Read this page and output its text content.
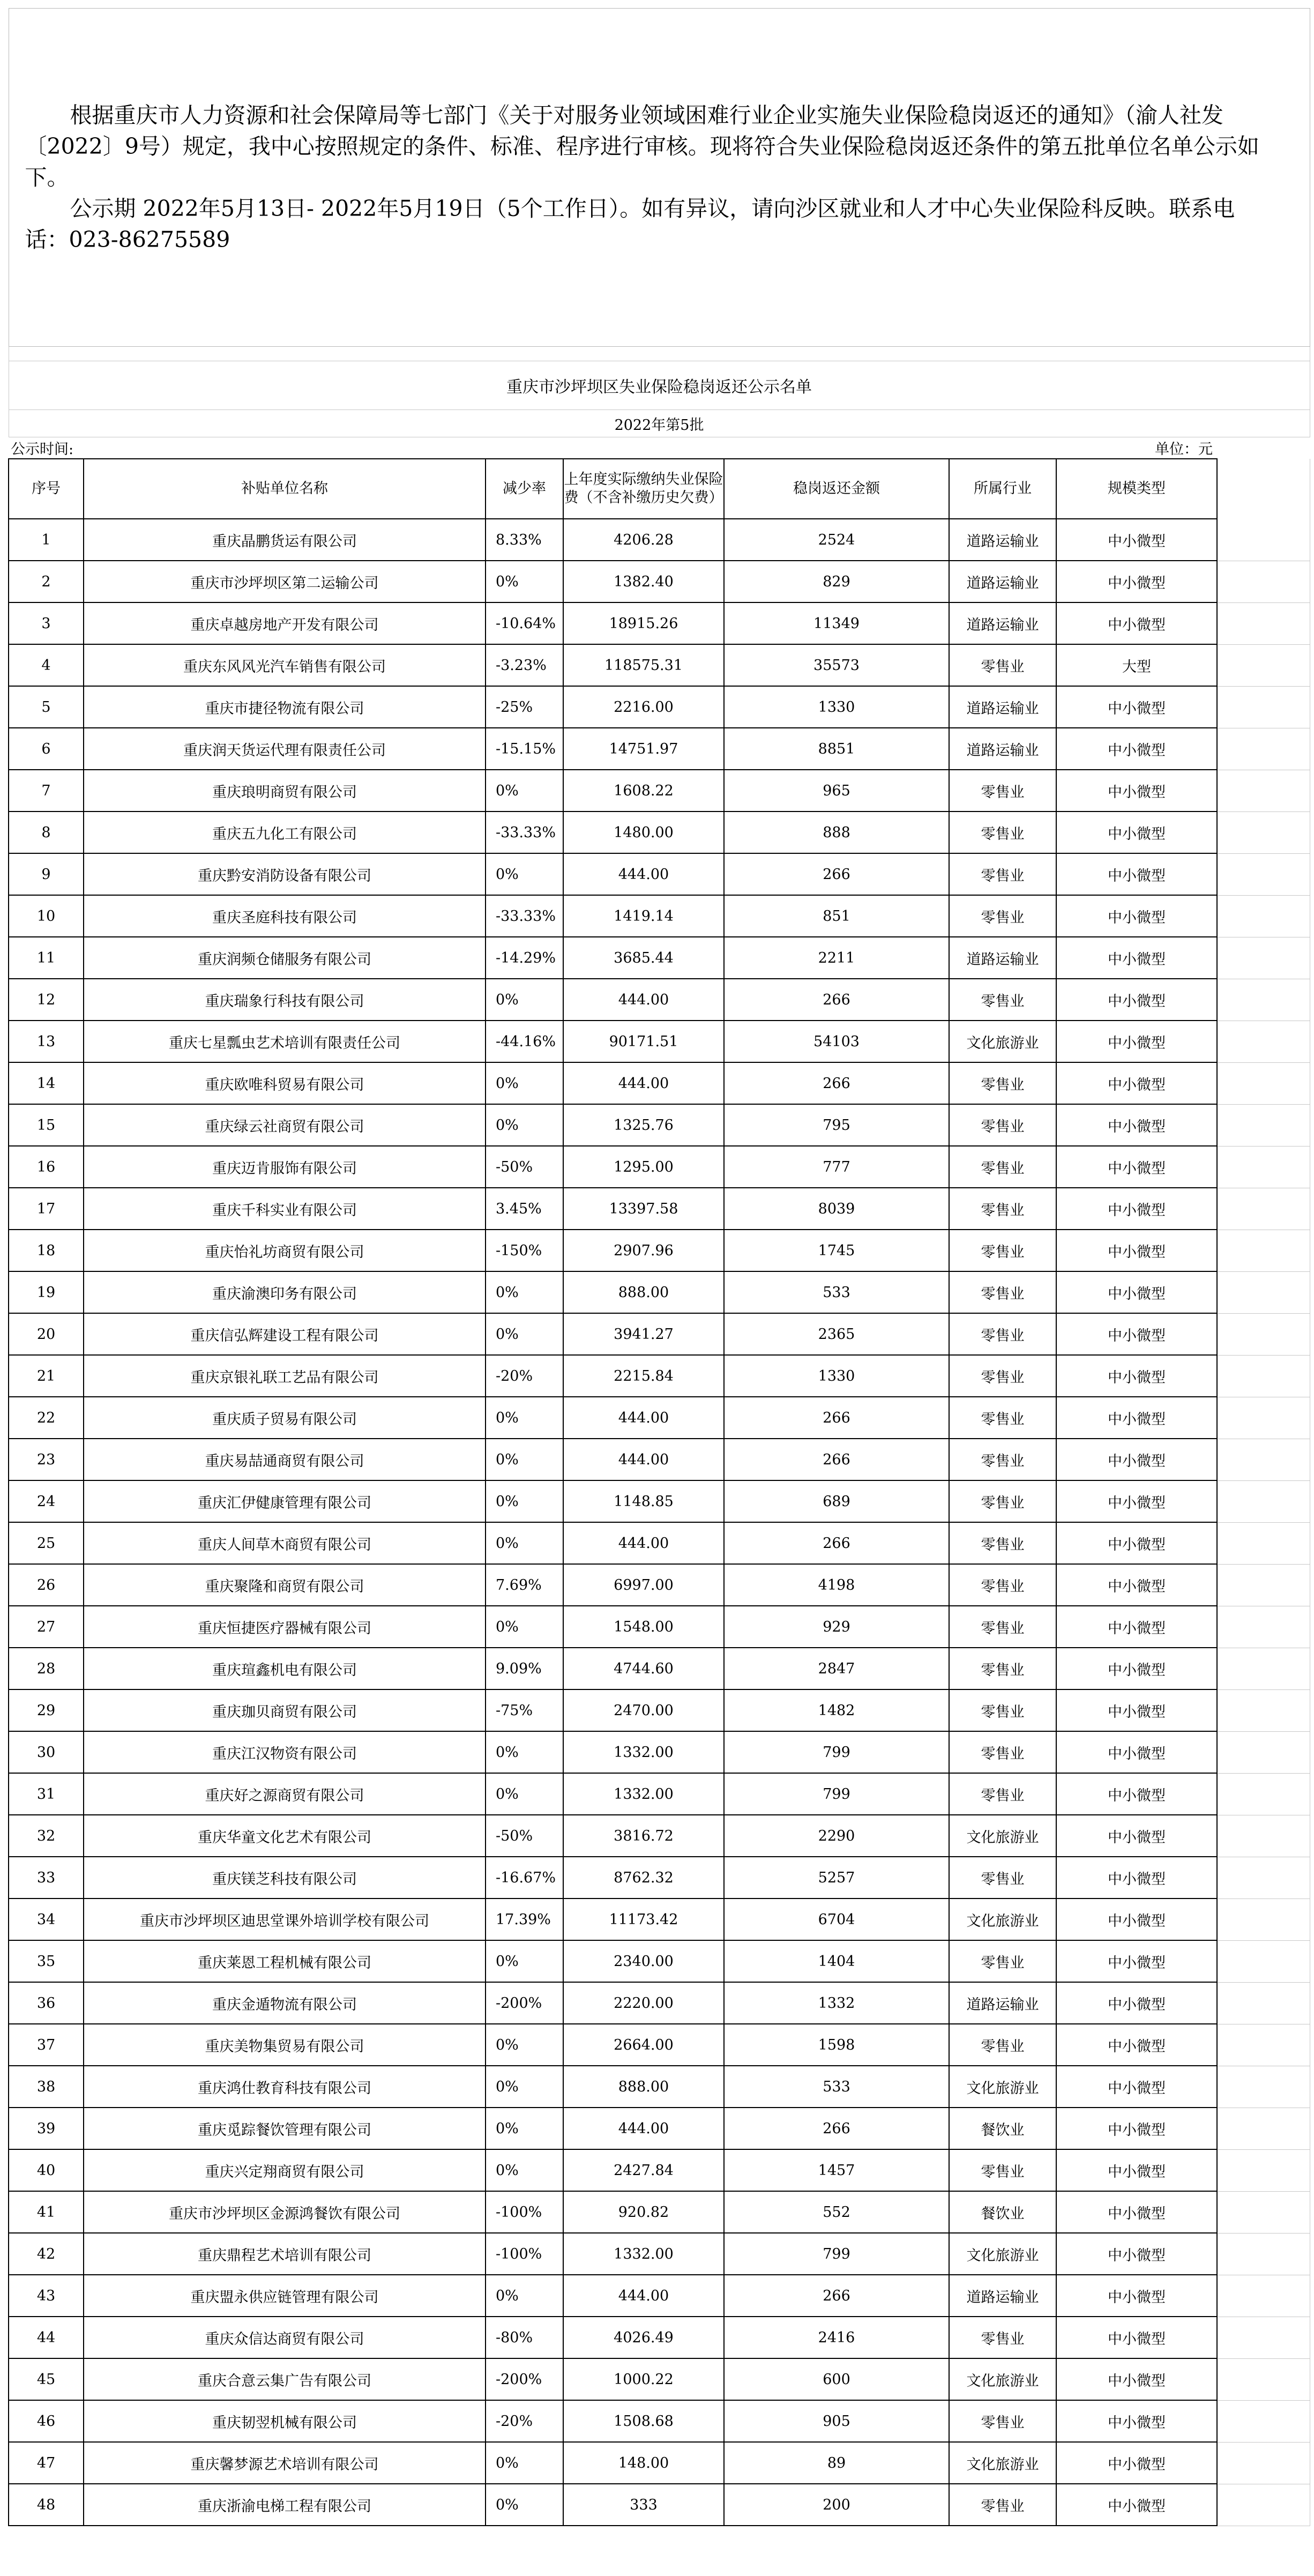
根据重庆市人力资源和社会保障局等七部门《关于对服务业领域困难行业企业实施失业保险稳岗返还的通知》（渝人社发〔2022〕9号）规定，我中心按照规定的条件、标准、程序进行审核。现将符合失业保险稳岗返还条件的第五批单位名单公示如下。

公示期 2022年5月13日- 2022年5月19日（5个工作日）。如有异议，请向沙区就业和人才中心失业保险科反映。联系电话：023-86275589							

重庆市沙坪坝区失业保险稳岗返还公示名单							
2022年第5批							
公示时间:			单位：元				
序号	补贴单位名称	减少率	上年度实际缴纳失业保险费（不含补缴历史欠费）	稳岗返还金额	所属行业	规模类型	
1	重庆晶鹏货运有限公司	8.33%	4206.28	2524	道路运输业	中小微型	
2	重庆市沙坪坝区第二运输公司	0%	1382.40	829	道路运输业	中小微型	
3	重庆卓越房地产开发有限公司	-10.64%	18915.26	11349	道路运输业	中小微型	
4	重庆东风风光汽车销售有限公司	-3.23%	118575.31	35573	零售业	大型	
5	重庆市捷径物流有限公司	-25%	2216.00	1330	道路运输业	中小微型	
6	重庆润天货运代理有限责任公司	-15.15%	14751.97	8851	道路运输业	中小微型	
7	重庆琅明商贸有限公司	0%	1608.22	965	零售业	中小微型	
8	重庆五九化工有限公司	-33.33%	1480.00	888	零售业	中小微型	
9	重庆黔安消防设备有限公司	0%	444.00	266	零售业	中小微型	
10	重庆圣庭科技有限公司	-33.33%	1419.14	851	零售业	中小微型	
11	重庆润频仓储服务有限公司	-14.29%	3685.44	2211	道路运输业	中小微型	
12	重庆瑞象行科技有限公司	0%	444.00	266	零售业	中小微型	
13	重庆七星瓢虫艺术培训有限责任公司	-44.16%	90171.51	54103	文化旅游业	中小微型	
14	重庆欧唯科贸易有限公司	0%	444.00	266	零售业	中小微型	
15	重庆绿云社商贸有限公司	0%	1325.76	795	零售业	中小微型	
16	重庆迈肯服饰有限公司	-50%	1295.00	777	零售业	中小微型	
17	重庆千科实业有限公司	3.45%	13397.58	8039	零售业	中小微型	
18	重庆怡礼坊商贸有限公司	-150%	2907.96	1745	零售业	中小微型	
19	重庆渝澳印务有限公司	0%	888.00	533	零售业	中小微型	
20	重庆信弘辉建设工程有限公司	0%	3941.27	2365	零售业	中小微型	
21	重庆京银礼联工艺品有限公司	-20%	2215.84	1330	零售业	中小微型	
22	重庆质子贸易有限公司	0%	444.00	266	零售业	中小微型	
23	重庆易喆通商贸有限公司	0%	444.00	266	零售业	中小微型	
24	重庆汇伊健康管理有限公司	0%	1148.85	689	零售业	中小微型	
25	重庆人间草木商贸有限公司	0%	444.00	266	零售业	中小微型	
26	重庆聚隆和商贸有限公司	7.69%	6997.00	4198	零售业	中小微型	
27	重庆恒捷医疗器械有限公司	0%	1548.00	929	零售业	中小微型	
28	重庆瑄鑫机电有限公司	9.09%	4744.60	2847	零售业	中小微型	
29	重庆珈贝商贸有限公司	-75%	2470.00	1482	零售业	中小微型	
30	重庆江汉物资有限公司	0%	1332.00	799	零售业	中小微型	
31	重庆好之源商贸有限公司	0%	1332.00	799	零售业	中小微型	
32	重庆华童文化艺术有限公司	-50%	3816.72	2290	文化旅游业	中小微型	
33	重庆镁芝科技有限公司	-16.67%	8762.32	5257	零售业	中小微型	
34	重庆市沙坪坝区迪思堂课外培训学校有限公司	17.39%	11173.42	6704	文化旅游业	中小微型	
35	重庆莱恩工程机械有限公司	0%	2340.00	1404	零售业	中小微型	
36	重庆金遁物流有限公司	-200%	2220.00	1332	道路运输业	中小微型	
37	重庆美物集贸易有限公司	0%	2664.00	1598	零售业	中小微型	
38	重庆鸿仕教育科技有限公司	0%	888.00	533	文化旅游业	中小微型	
39	重庆觅踪餐饮管理有限公司	0%	444.00	266	餐饮业	中小微型	
40	重庆兴定翔商贸有限公司	0%	2427.84	1457	零售业	中小微型	
41	重庆市沙坪坝区金源鸿餐饮有限公司	-100%	920.82	552	餐饮业	中小微型	
42	重庆鼎程艺术培训有限公司	-100%	1332.00	799	文化旅游业	中小微型	
43	重庆盟永供应链管理有限公司	0%	444.00	266	道路运输业	中小微型	
44	重庆众信达商贸有限公司	-80%	4026.49	2416	零售业	中小微型	
45	重庆合意云集广告有限公司	-200%	1000.22	600	文化旅游业	中小微型	
46	重庆韧翌机械有限公司	-20%	1508.68	905	零售业	中小微型	
47	重庆馨梦源艺术培训有限公司	0%	148.00	89	文化旅游业	中小微型	
48	重庆浙渝电梯工程有限公司	0%	333	200	零售业	中小微型	
